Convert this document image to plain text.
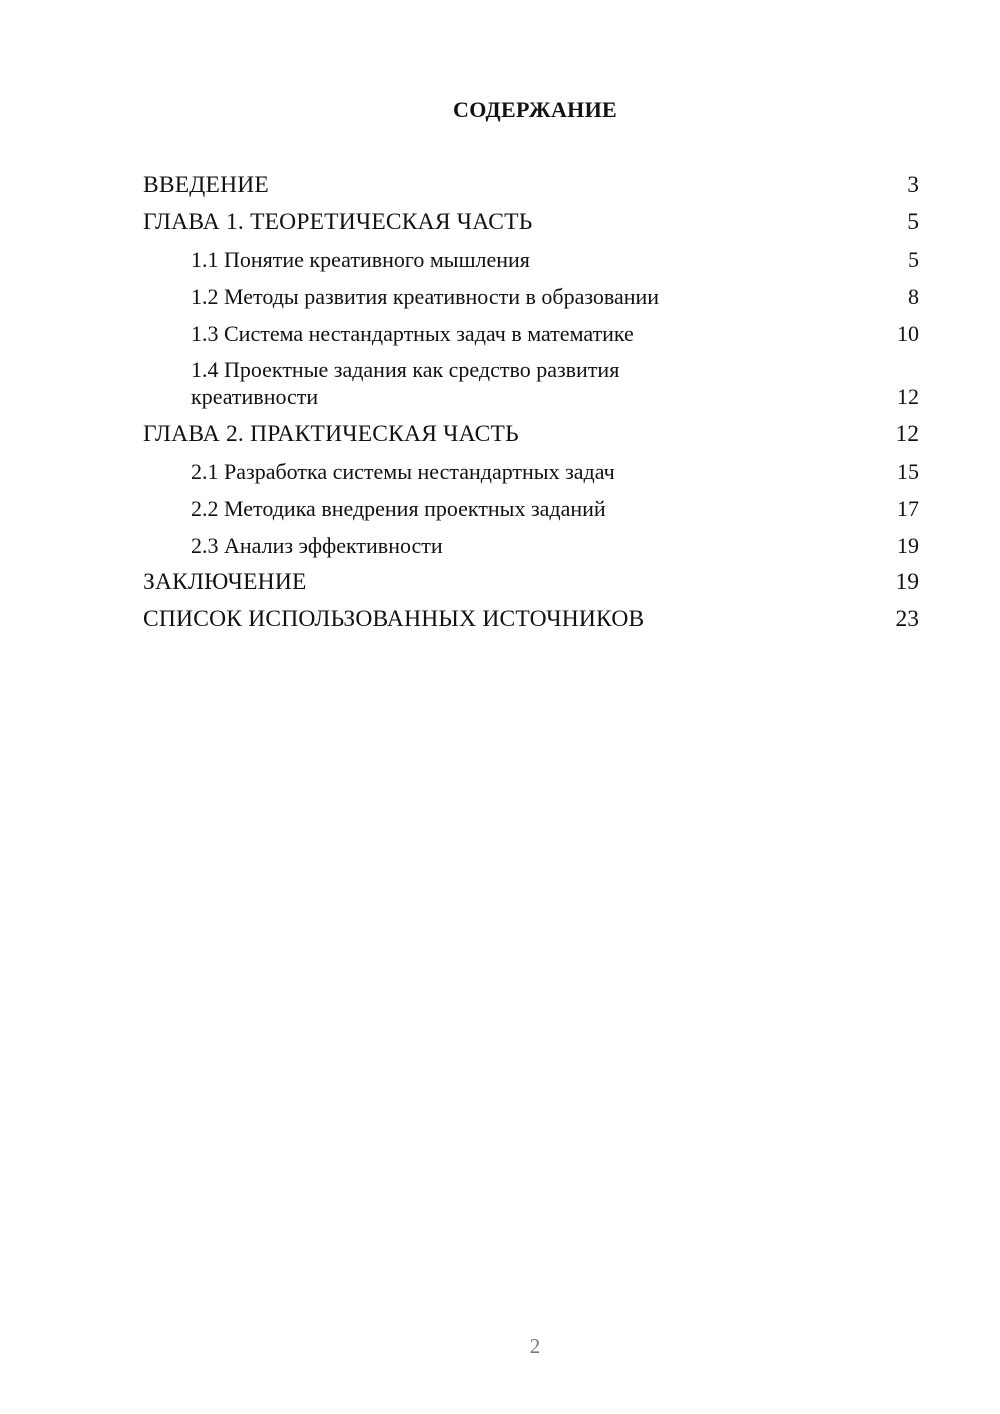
СОДЕРЖАНИЕ
ВВЕДЕНИЕ	3
ГЛАВА 1. ТЕОРЕТИЧЕСКАЯ ЧАСТЬ	5
1.1 Понятие креативного мышления	5
1.2 Методы развития креативности в образовании	8
1.3 Система нестандартных задач в математике	10
1.4 Проектные задания как средство развития креативности	12
ГЛАВА 2. ПРАКТИЧЕСКАЯ ЧАСТЬ	12
2.1 Разработка системы нестандартных задач	15
2.2 Методика внедрения проектных заданий	17
2.3 Анализ эффективности	19
ЗАКЛЮЧЕНИЕ	19
СПИСОК ИСПОЛЬЗОВАННЫХ ИСТОЧНИКОВ	23
2
